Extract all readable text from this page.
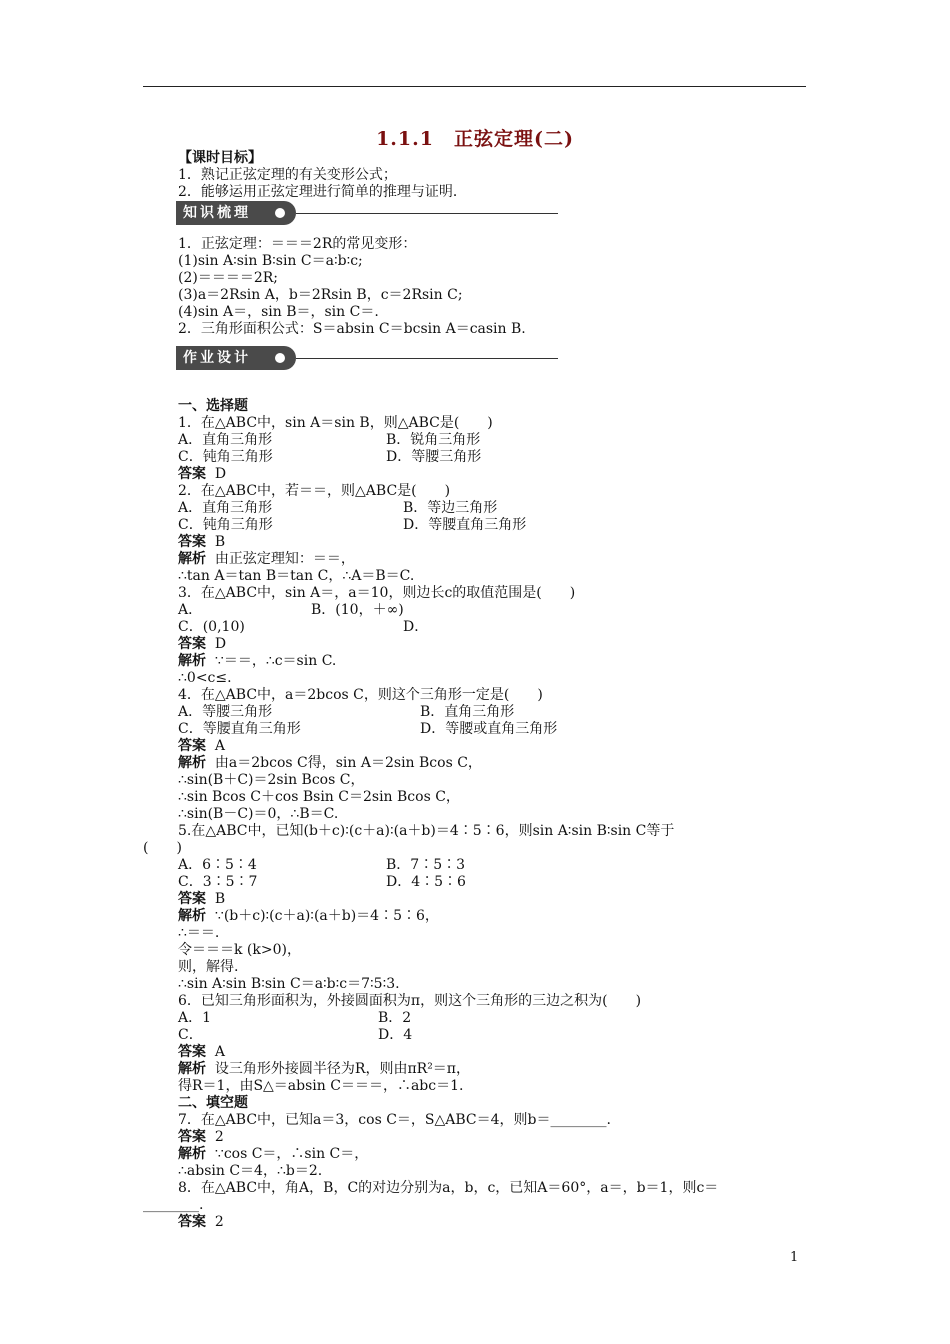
1.1.1　正弦定理(二)
【课时目标】
1．熟记正弦定理的有关变形公式；
2．能够运用正弦定理进行简单的推理与证明．
知识梳理
1．正弦定理：＝＝＝2R的常见变形：
(1)sin A∶sin B∶sin C＝a∶b∶c;
(2)＝＝＝＝2R;
(3)a＝2Rsin A，b＝2Rsin B，c＝2Rsin C;
(4)sin A＝，sin B＝，sin C＝.
2．三角形面积公式：S＝absin C＝bcsin A＝casin B.
作业设计
一、选择题
1．在△ABC中，sin A＝sin B，则△ABC是(　　)
A．直角三角形	B．锐角三角形
C．钝角三角形	D．等腰三角形
答案 D
2．在△ABC中，若＝＝，则△ABC是(　　)
A．直角三角形	B．等边三角形
C．钝角三角形	D．等腰直角三角形
答案 B
解析 由正弦定理知：＝＝，
∴tan A＝tan B＝tan C，∴A＝B＝C.
3．在△ABC中，sin A＝，a＝10，则边长c的取值范围是(　　)
A．	B．(10，＋∞)
C．(0,10)	D．
答案 D
解析 ∵＝＝，∴c＝sin C.
∴0<c≤.
4．在△ABC中，a＝2bcos C，则这个三角形一定是(　　)
A．等腰三角形	B．直角三角形
C．等腰直角三角形	D．等腰或直角三角形
答案 A
解析 由a＝2bcos C得，sin A＝2sin Bcos C，
∴sin(B＋C)＝2sin Bcos C，
∴sin Bcos C＋cos Bsin C＝2sin Bcos C，
∴sin(B－C)＝0，∴B＝C.
5.在△ABC中，已知(b＋c)∶(c＋a)∶(a＋b)＝4∶5∶6，则sin A∶sin B∶sin C等于
(　　)
A．6∶5∶4	B．7∶5∶3
C．3∶5∶7	D．4∶5∶6
答案 B
解析 ∵(b＋c)∶(c＋a)∶(a＋b)＝4∶5∶6，
∴＝＝.
令＝＝＝k (k>0)，
则，解得.
∴sin A∶sin B∶sin C＝a∶b∶c＝7∶5∶3.
6．已知三角形面积为，外接圆面积为π，则这个三角形的三边之积为(　　)
A．1	B．2
C．	D．4
答案 A
解析 设三角形外接圆半径为R，则由πR²＝π，
得R＝1，由S△＝absin C＝＝＝，∴abc＝1.
二、填空题
7．在△ABC中，已知a＝3，cos C＝，S△ABC＝4，则b＝________.
答案 2
解析 ∵cos C＝，∴sin C＝，
∴absin C＝4，∴b＝2.
8．在△ABC中，角A，B，C的对边分别为a，b，c，已知A＝60°，a＝，b＝1，则c＝
________.
答案 2
1
